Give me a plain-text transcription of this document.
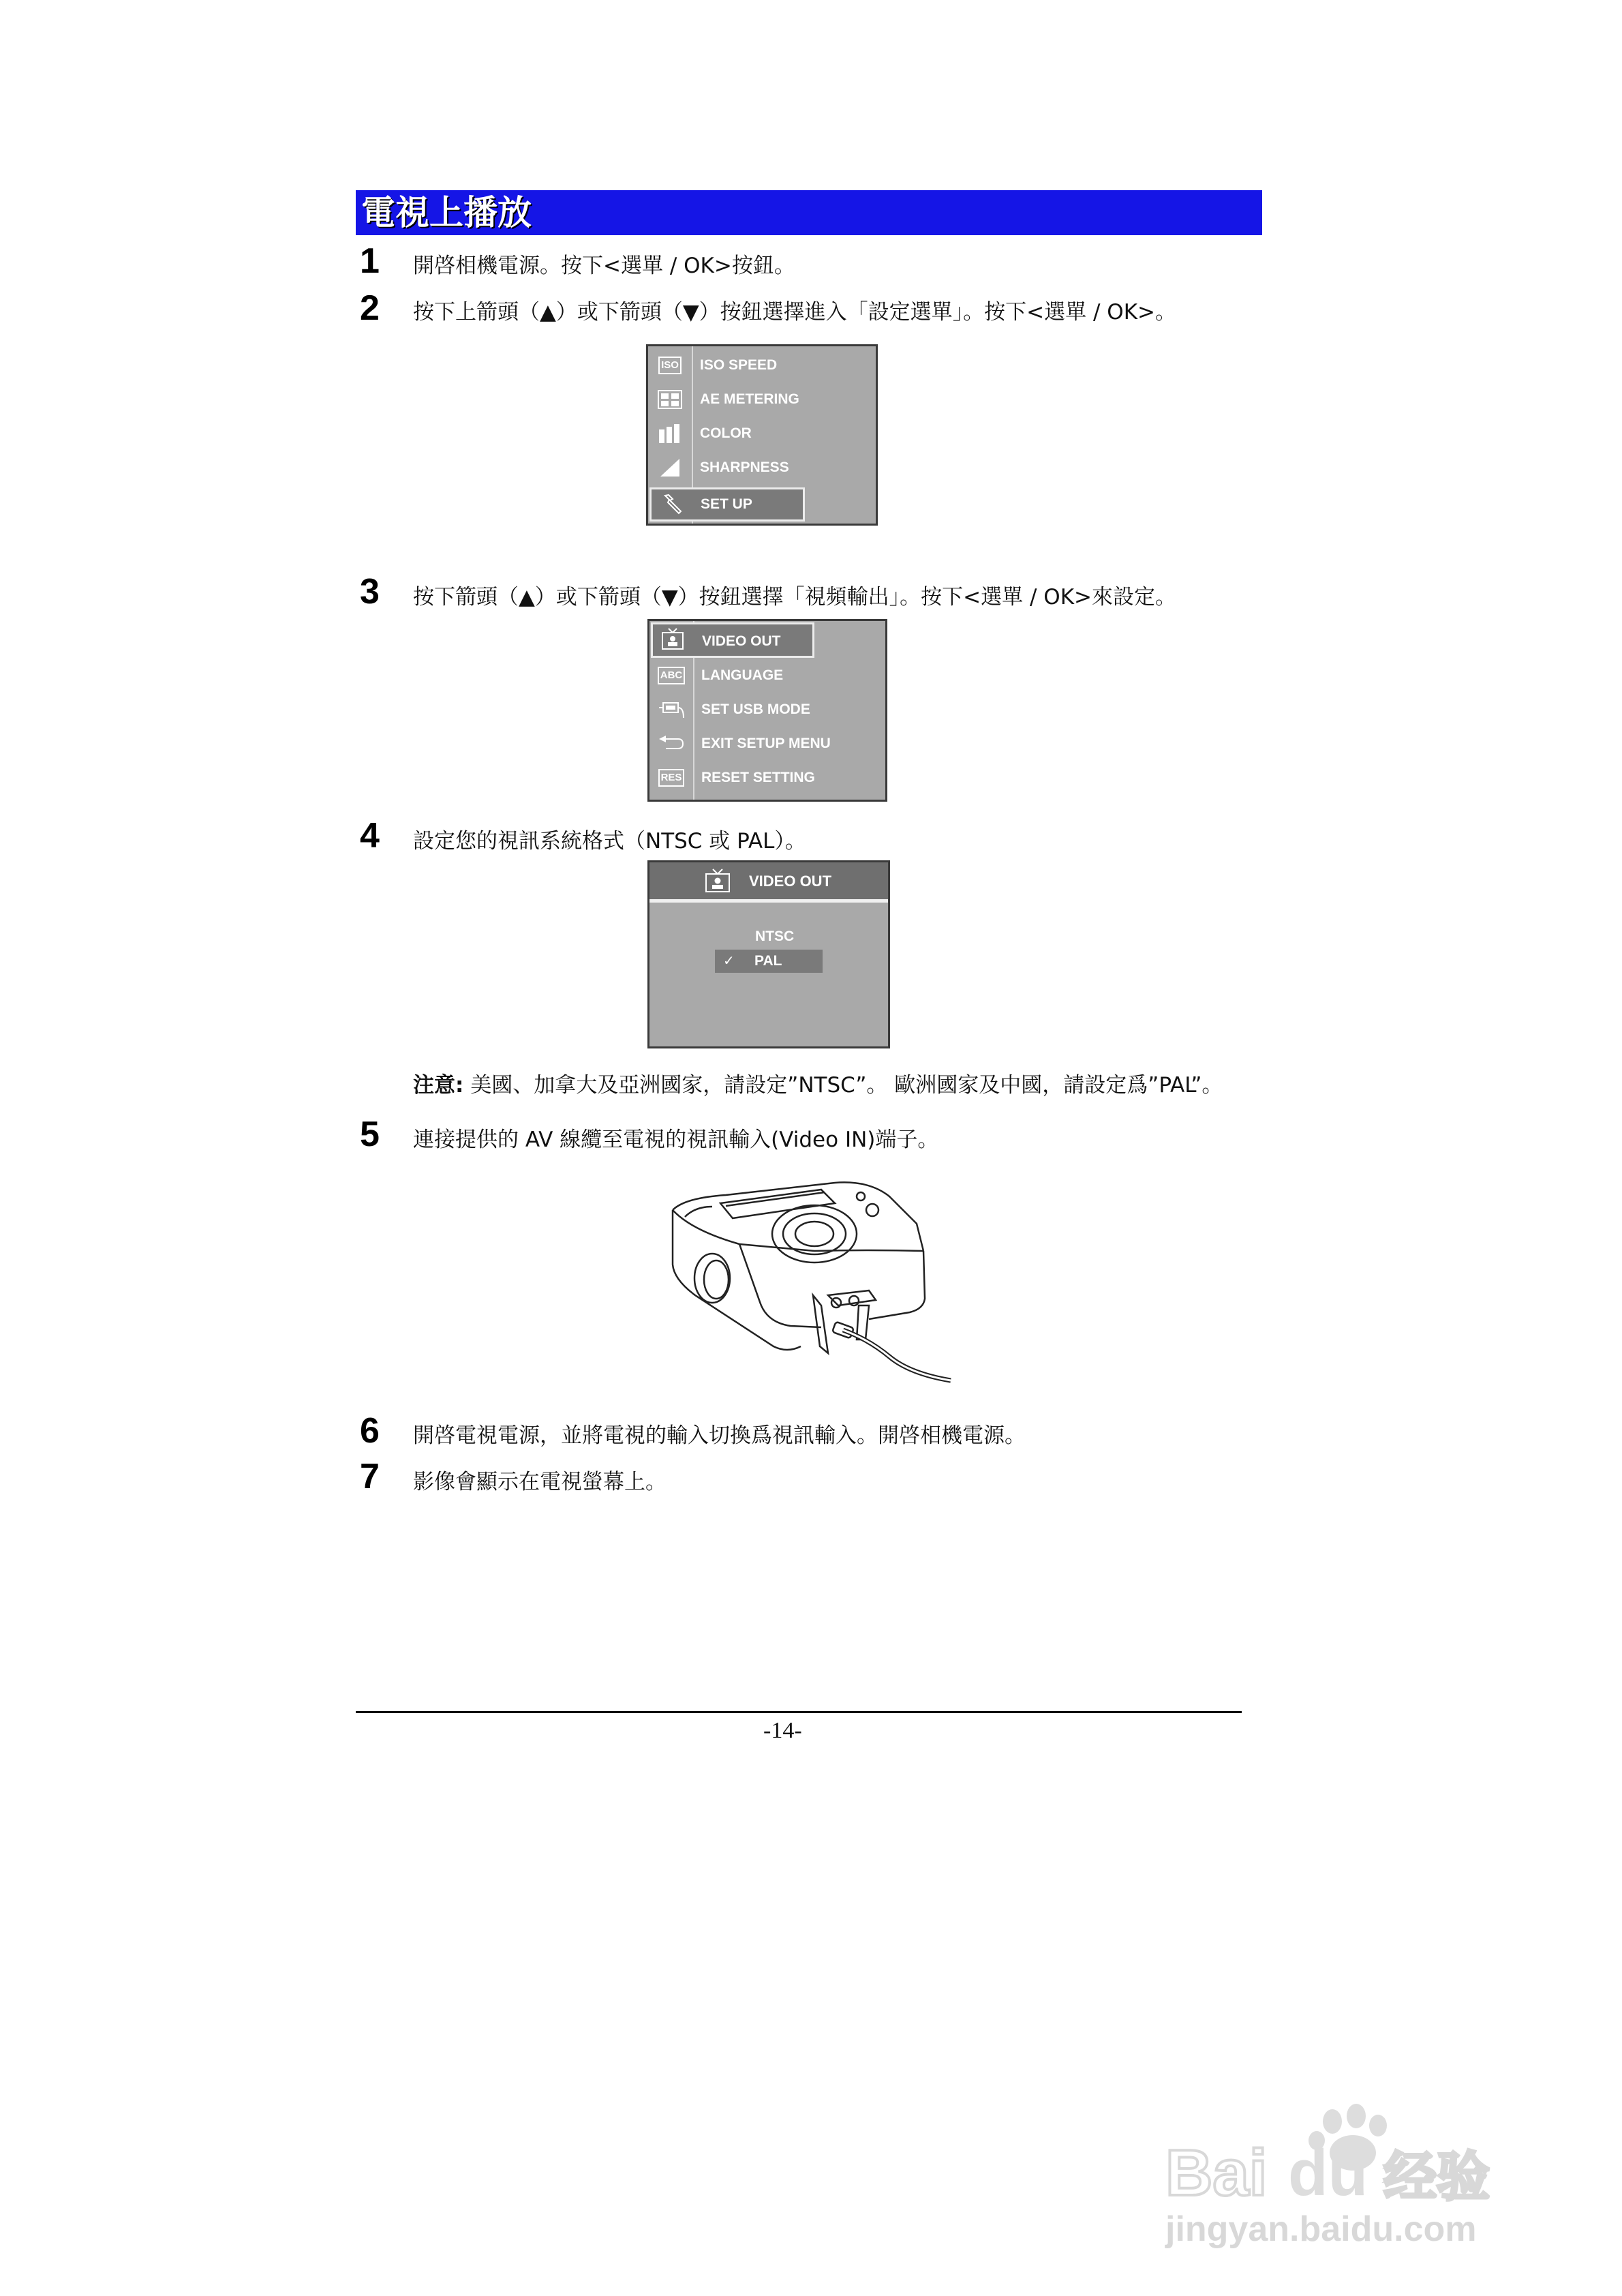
電視上播放
1	開啓相機電源。按下<選單 / OK>按鈕。
2	按下上箭頭（▲）或下箭頭（▼）按鈕選擇進入「設定選單」。按下<選單 / OK>。
ISO ISO SPEED
AE METERING
COLOR
SHARPNESS
SET UP
3	按下箭頭（▲）或下箭頭（▼）按鈕選擇「視頻輸出」。按下<選單 / OK>來設定。
VIDEO OUT
ABC LANGUAGE
SET USB MODE
EXIT SETUP MENU
RES RESET SETTING
4	設定您的視訊系統格式（NTSC 或 PAL）。
VIDEO OUT
NTSC
✓ PAL
注意: 美國、加拿大及亞洲國家，請設定”NTSC”。 歐洲國家及中國，請設定爲”PAL”。
5	連接提供的 AV 線纜至電視的視訊輸入(Video IN)端子。
6	開啓電視電源，並將電視的輸入切換爲視訊輸入。開啓相機電源。
7	影像會顯示在電視螢幕上。
-14-
Bai du 经验
jingyan.baidu.com
